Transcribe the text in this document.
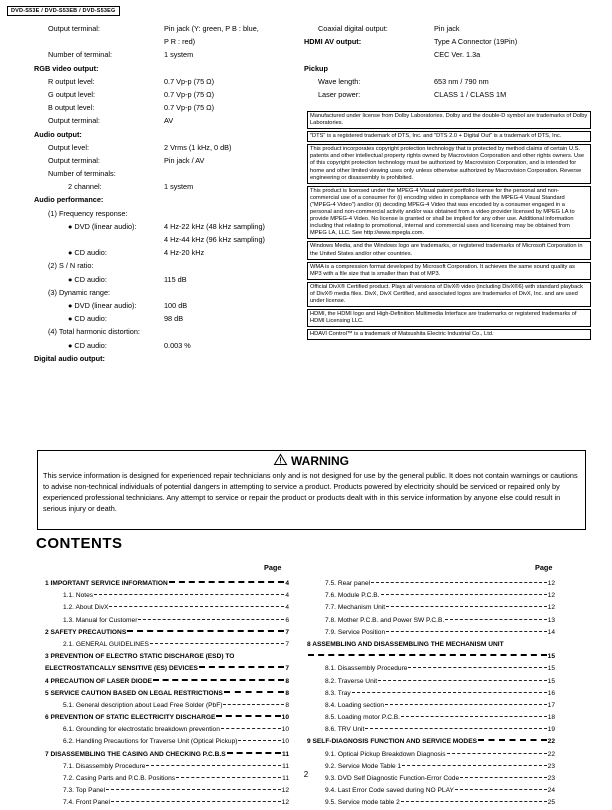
DVD-S53E / DVD-S53EB / DVD-S53EG
Output terminal:	Pin jack (Y: green, P B : blue,
P R : red)
Number of terminal:	1 system
RGB video output:
R output level:	0.7 Vp-p (75 Ω)
G output level:	0.7 Vp-p (75 Ω)
B output level:	0.7 Vp-p (75 Ω)
Output terminal:	AV
Audio output:
Output level:	2 Vrms (1 kHz, 0 dB)
Output terminal:	Pin jack / AV
Number of terminals:
2 channel:	1 system
Audio performance:
(1) Frequency response:
● DVD (linear audio):	4 Hz-22 kHz (48 kHz sampling)
4 Hz-44 kHz (96 kHz sampling)
● CD audio:	4 Hz-20 kHz
(2) S / N ratio:
● CD audio:	115 dB
(3) Dynamic range:
● DVD (linear audio):	100 dB
● CD audio:	98 dB
(4) Total harmonic distortion:
● CD audio:	0.003 %
Digital audio output:
Coaxial digital output:	Pin jack
HDMI AV output:	Type A Connector (19Pin)
CEC Ver. 1.3a
Pickup
Wave length:	653 nm / 790 nm
Laser power:	CLASS 1 / CLASS 1M
Manufactured under license from Dolby Laboratories. Dolby and the double-D symbol are trademarks of Dolby Laboratories.
"DTS" is a registered trademark of DTS, Inc. and "DTS 2.0 + Digital Out" is a trademark of DTS, Inc.
This product incorporates copyright protection technology that is protected by method claims of certain U.S. patents and other intellectual property rights owned by Macrovision Corporation and other rights owners. Use of this copyright protection technology must be authorized by Macrovision Corporation, and is intended for home and other limited viewing uses only unless otherwise authorized by Macrovision Corporation. Reverse engineering or disassembly is prohibited.
This product is licensed under the MPEG-4 Visual patent portfolio license for the personal and non-commercial use of a consumer for (i) encoding video in compliance with the MPEG-4 Visual Standard ("MPEG-4 Video") and/or (ii) decoding MPEG-4 Video that was encoded by a consumer engaged in a personal and non-commercial activity and/or was obtained from a video provider licensed by MPEG LA to provide MPEG-4 Video. No license is granted or shall be implied for any other use. Additional information including that relating to promotional, internal and commercial uses and licensing may be obtained from MPEG LA, LLC. See http://www.mpegla.com.
Windows Media, and the Windows logo are trademarks, or registered trademarks of Microsoft Corporation in the United States and/or other countries.
WMA is a compression format developed by Microsoft Corporation. It achieves the same sound quality as MP3 with a file size that is smaller than that of MP3.
Official DivX® Certified product. Plays all versions of DivX® video (including DivX®6) with standard playback of DivX® media files. DivX, DivX Certified, and associated logos are trademarks of DivX, Inc. and are used under license.
HDMI, the HDMI logo and High-Definition Multimedia Interface are trademarks or registered trademarks of HDMI Licensing LLC.
HDAVI Control™ is a trademark of Matsushita Electric Industrial Co., Ltd.
WARNING
This service information is designed for experienced repair technicians only and is not designed for use by the general public. It does not contain warnings or cautions to advise non-technical individuals of potential dangers in attempting to service a product. Products powered by electricity should be serviced or repaired only by experienced professional technicians. Any attempt to service or repair the product or products dealt with in this service information by anyone else could result in serious injury or death.
CONTENTS
Page	Page
1 IMPORTANT SERVICE INFORMATION	4
1.1. Notes	4
1.2. About DivX	4
1.3. Manual for Customer	6
2 SAFETY PRECAUTIONS	7
2.1. GENERAL GUIDELINES	7
3 PREVENTION OF ELECTRO STATIC DISCHARGE (ESD) TO
ELECTROSTATICALLY SENSITIVE (ES) DEVICES	7
4 PRECAUTION OF LASER DIODE	8
5 SERVICE CAUTION BASED ON LEGAL RESTRICTIONS	8
5.1. General description about Lead Free Solder (PbF)	8
6 PREVENTION OF STATIC ELECTRICITY DISCHARGE	10
6.1. Grounding for electrostatic breakdown prevention	10
6.2. Handling Precautions for Traverse Unit (Optical Pickup)	10
7 DISASSEMBLING THE CASING AND CHECKING P.C.B.S	11
7.1. Disassembly Procedure	11
7.2. Casing Parts and P.C.B. Positions	11
7.3. Top Panel	12
7.4. Front Panel	12
7.5. Rear panel	12
7.6. Module P.C.B.	12
7.7. Mechanism Unit	12
7.8. Mother P.C.B. and Power SW P.C.B.	13
7.9. Service Position	14
8 ASSEMBLING AND DISASSEMBLING THE MECHANISM UNIT
15
8.1. Disassembly Procedure	15
8.2. Traverse Unit	15
8.3. Tray	16
8.4. Loading section	17
8.5. Loading motor P.C.B.	18
8.6. TRV Unit	19
9 SELF-DIAGNOSIS FUNCTION AND SERVICE MODES	22
9.1. Optical Pickup Breakdown Diagnosis	22
9.2. Service Mode Table 1	23
9.3. DVD Self Diagnostic Function-Error Code	23
9.4. Last Error Code saved during NO PLAY	24
9.5. Service mode table 2	25
2
